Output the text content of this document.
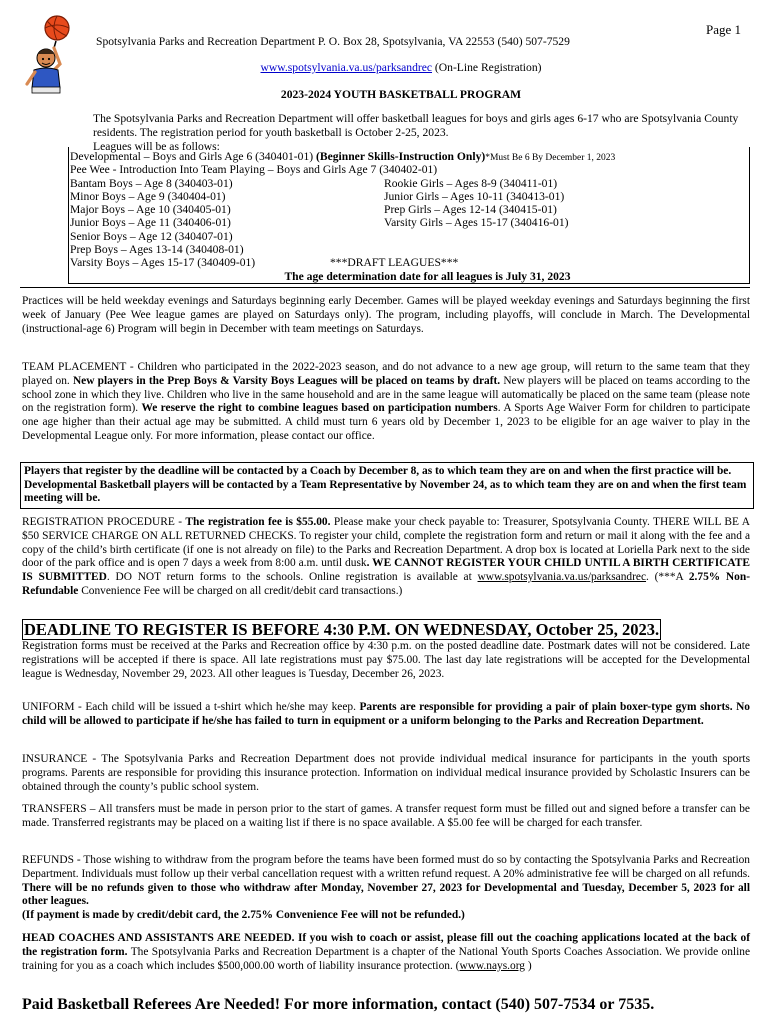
Page 1
Spotsylvania Parks and Recreation Department P. O. Box 28, Spotsylvania, VA 22553 (540) 507-7529
www.spotsylvania.va.us/parksandrec (On-Line Registration)
2023-2024 YOUTH BASKETBALL PROGRAM

The Spotsylvania Parks and Recreation Department will offer basketball leagues for boys and girls ages 6-17 who are Spotsylvania County residents. The registration period for youth basketball is October 2-25, 2023.

Leagues will be as follows:

Developmental – Boys and Girls Age 6 (340401-01) (Beginner Skills-Instruction Only)*Must Be 6 By December 1, 2023
Pee Wee - Introduction Into Team Playing – Boys and Girls Age 7 (340402-01)
Bantam Boys – Age 8 (340403-01)	Rookie Girls – Ages 8-9 (340411-01)
Minor Boys – Age 9 (340404-01)	Junior Girls – Ages 10-11 (340413-01)
Major Boys – Age 10 (340405-01)	Prep Girls – Ages 12-14 (340415-01)
Junior Boys – Age 11 (340406-01)	Varsity Girls – Ages 15-17 (340416-01)
Senior Boys – Age 12 (340407-01)
Prep Boys – Ages 13-14 (340408-01)
Varsity Boys – Ages 15-17 (340409-01)	***DRAFT LEAGUES***
The age determination date for all leagues is July 31, 2023

Practices will be held weekday evenings and Saturdays beginning early December. Games will be played weekday evenings and Saturdays beginning the first week of January (Pee Wee league games are played on Saturdays only). The program, including playoffs, will conclude in March. The Developmental (instructional-age 6) Program will begin in December with team meetings on Saturdays.

TEAM PLACEMENT - Children who participated in the 2022-2023 season, and do not advance to a new age group, will return to the same team that they played on. New players in the Prep Boys & Varsity Boys Leagues will be placed on teams by draft. New players will be placed on teams according to the school zone in which they live. Children who live in the same household and are in the same league will automatically be placed on the same team (please note on the registration form). We reserve the right to combine leagues based on participation numbers. A Sports Age Waiver Form for children to participate one age higher than their actual age may be submitted. A child must turn 6 years old by December 1, 2023 to be eligible for an age waiver to play in the Developmental League only. For more information, please contact our office.

Players that register by the deadline will be contacted by a Coach by December 8, as to which team they are on and when the first practice will be. Developmental Basketball players will be contacted by a Team Representative by November 24, as to which team they are on and when the first team meeting will be.

REGISTRATION PROCEDURE - The registration fee is $55.00. Please make your check payable to: Treasurer, Spotsylvania County. THERE WILL BE A $50 SERVICE CHARGE ON ALL RETURNED CHECKS. To register your child, complete the registration form and return or mail it along with the fee and a copy of the child’s birth certificate (if one is not already on file) to the Parks and Recreation Department. A drop box is located at Loriella Park next to the side door of the park office and is open 7 days a week from 8:00 a.m. until dusk. WE CANNOT REGISTER YOUR CHILD UNTIL A BIRTH CERTIFICATE IS SUBMITTED. DO NOT return forms to the schools. Online registration is available at www.spotsylvania.va.us/parksandrec. (***A 2.75% Non-Refundable Convenience Fee will be charged on all credit/debit card transactions.)

DEADLINE TO REGISTER IS BEFORE 4:30 P.M. ON WEDNESDAY, October 25, 2023.

Registration forms must be received at the Parks and Recreation office by 4:30 p.m. on the posted deadline date. Postmark dates will not be considered. Late registrations will be accepted if there is space. All late registrations must pay $75.00. The last day late registrations will be accepted for the Developmental league is Wednesday, November 29, 2023. All other leagues is Tuesday, December 26, 2023.

UNIFORM - Each child will be issued a t-shirt which he/she may keep. Parents are responsible for providing a pair of plain boxer-type gym shorts. No child will be allowed to participate if he/she has failed to turn in equipment or a uniform belonging to the Parks and Recreation Department.

INSURANCE - The Spotsylvania Parks and Recreation Department does not provide individual medical insurance for participants in the youth sports programs. Parents are responsible for providing this insurance protection. Information on individual medical insurance provided by Scholastic Insurers can be obtained through the county’s public school system.

TRANSFERS – All transfers must be made in person prior to the start of games. A transfer request form must be filled out and signed before a transfer can be made. Transferred registrants may be placed on a waiting list if there is no space available. A $5.00 fee will be charged for each transfer.

REFUNDS - Those wishing to withdraw from the program before the teams have been formed must do so by contacting the Spotsylvania Parks and Recreation Department. Individuals must follow up their verbal cancellation request with a written refund request. A 20% administrative fee will be charged on all refunds. There will be no refunds given to those who withdraw after Monday, November 27, 2023 for Developmental and Tuesday, December 5, 2023 for all other leagues.
(If payment is made by credit/debit card, the 2.75% Convenience Fee will not be refunded.)

HEAD COACHES AND ASSISTANTS ARE NEEDED. If you wish to coach or assist, please fill out the coaching applications located at the back of the registration form. The Spotsylvania Parks and Recreation Department is a chapter of the National Youth Sports Coaches Association. We provide online training for you as a coach which includes $500,000.00 worth of liability insurance protection. (www.nays.org )

Paid Basketball Referees Are Needed! For more information, contact (540) 507-7534 or 7535.
